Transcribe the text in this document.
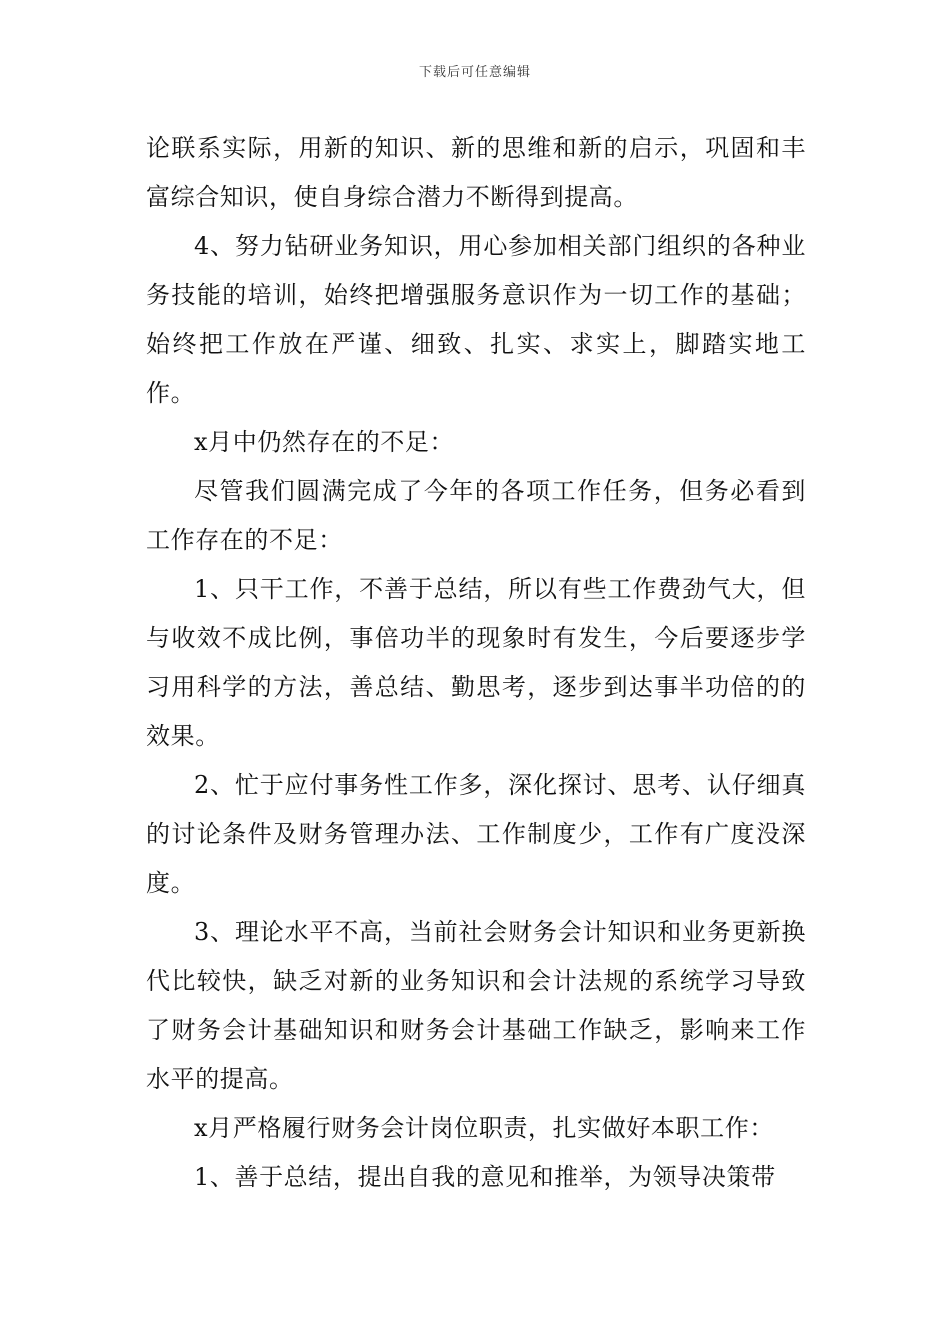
下载后可任意编辑

论联系实际，用新的知识、新的思维和新的启示，巩固和丰富综合知识，使自身综合潜力不断得到提高。

4、努力钻研业务知识，用心参加相关部门组织的各种业务技能的培训，始终把增强服务意识作为一切工作的基础；始终把工作放在严谨、细致、扎实、求实上，脚踏实地工作。

x月中仍然存在的不足：

尽管我们圆满完成了今年的各项工作任务，但务必看到工作存在的不足：

1、只干工作，不善于总结，所以有些工作费劲气大，但与收效不成比例，事倍功半的现象时有发生，今后要逐步学习用科学的方法，善总结、勤思考，逐步到达事半功倍的的效果。

2、忙于应付事务性工作多，深化探讨、思考、认仔细真的讨论条件及财务管理办法、工作制度少，工作有广度没深度。

3、理论水平不高，当前社会财务会计知识和业务更新换代比较快，缺乏对新的业务知识和会计法规的系统学习导致了财务会计基础知识和财务会计基础工作缺乏，影响来工作水平的提高。

x月严格履行财务会计岗位职责，扎实做好本职工作：

1、善于总结，提出自我的意见和推举，为领导决策带
